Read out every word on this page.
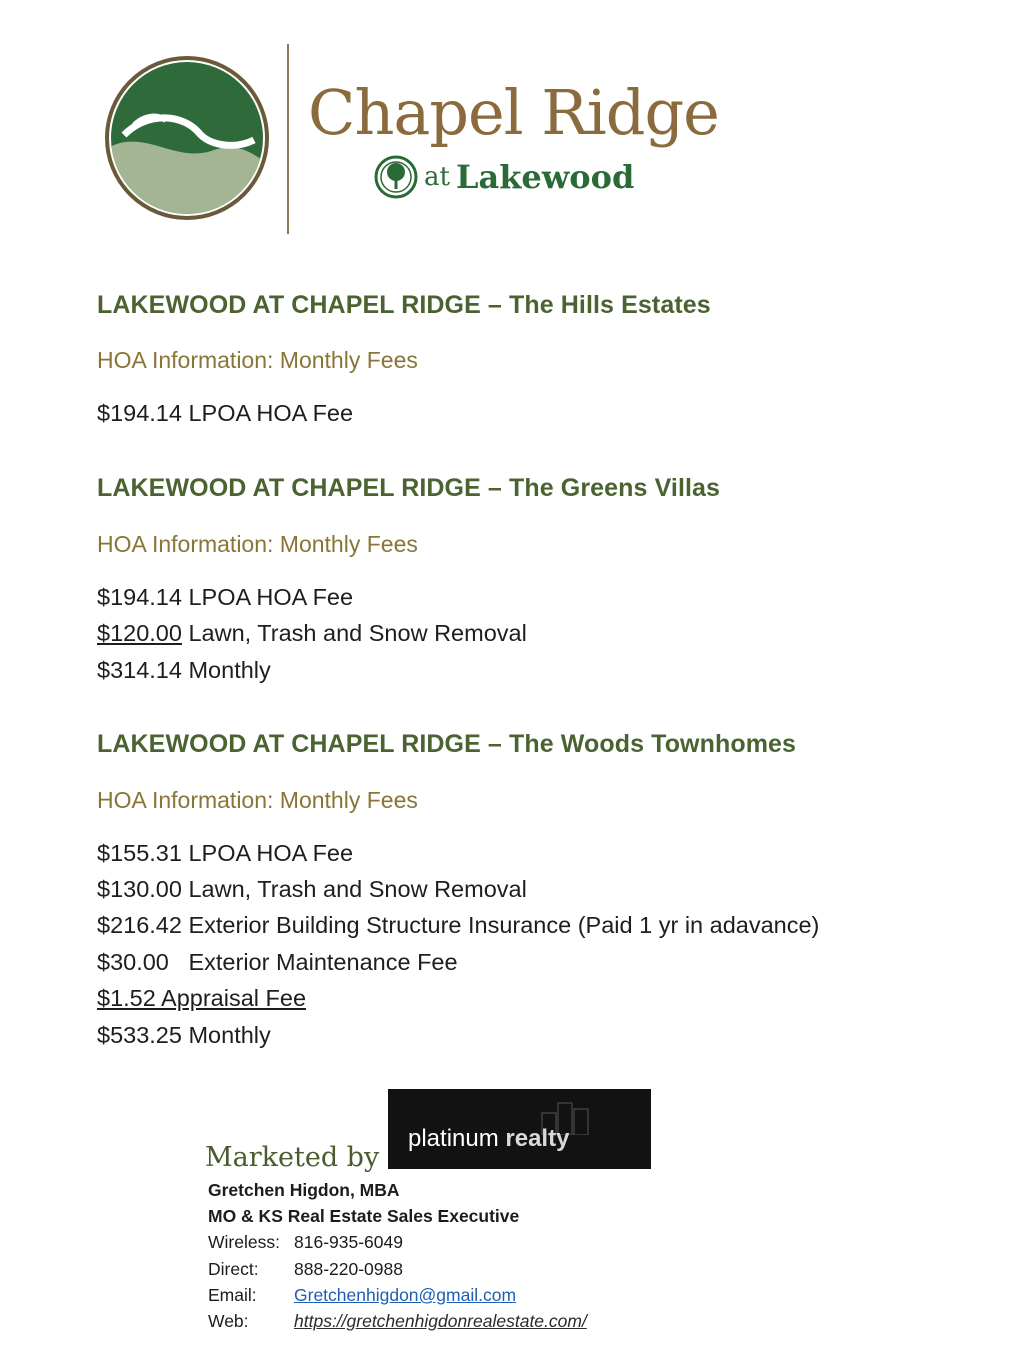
Chapel Ridge
at Lakewood
LAKEWOOD AT CHAPEL RIDGE – The Hills Estates
HOA Information: Monthly Fees
$194.14 LPOA HOA Fee
LAKEWOOD AT CHAPEL RIDGE – The Greens Villas
HOA Information: Monthly Fees
$194.14 LPOA HOA Fee
$120.00 Lawn, Trash and Snow Removal
$314.14 Monthly
LAKEWOOD AT CHAPEL RIDGE – The Woods Townhomes
HOA Information: Monthly Fees
$155.31 LPOA HOA Fee
$130.00 Lawn, Trash and Snow Removal
$216.42 Exterior Building Structure Insurance (Paid 1 yr in adavance)
$30.00   Exterior Maintenance Fee
$1.52 Appraisal Fee
$533.25 Monthly
Marketed by
platinum realty
Gretchen Higdon, MBA
MO & KS Real Estate Sales Executive
Wireless: 816-935-6049
Direct: 888-220-0988
Email: Gretchenhigdon@gmail.com
Web:	https://gretchenhigdonrealestate.com/
